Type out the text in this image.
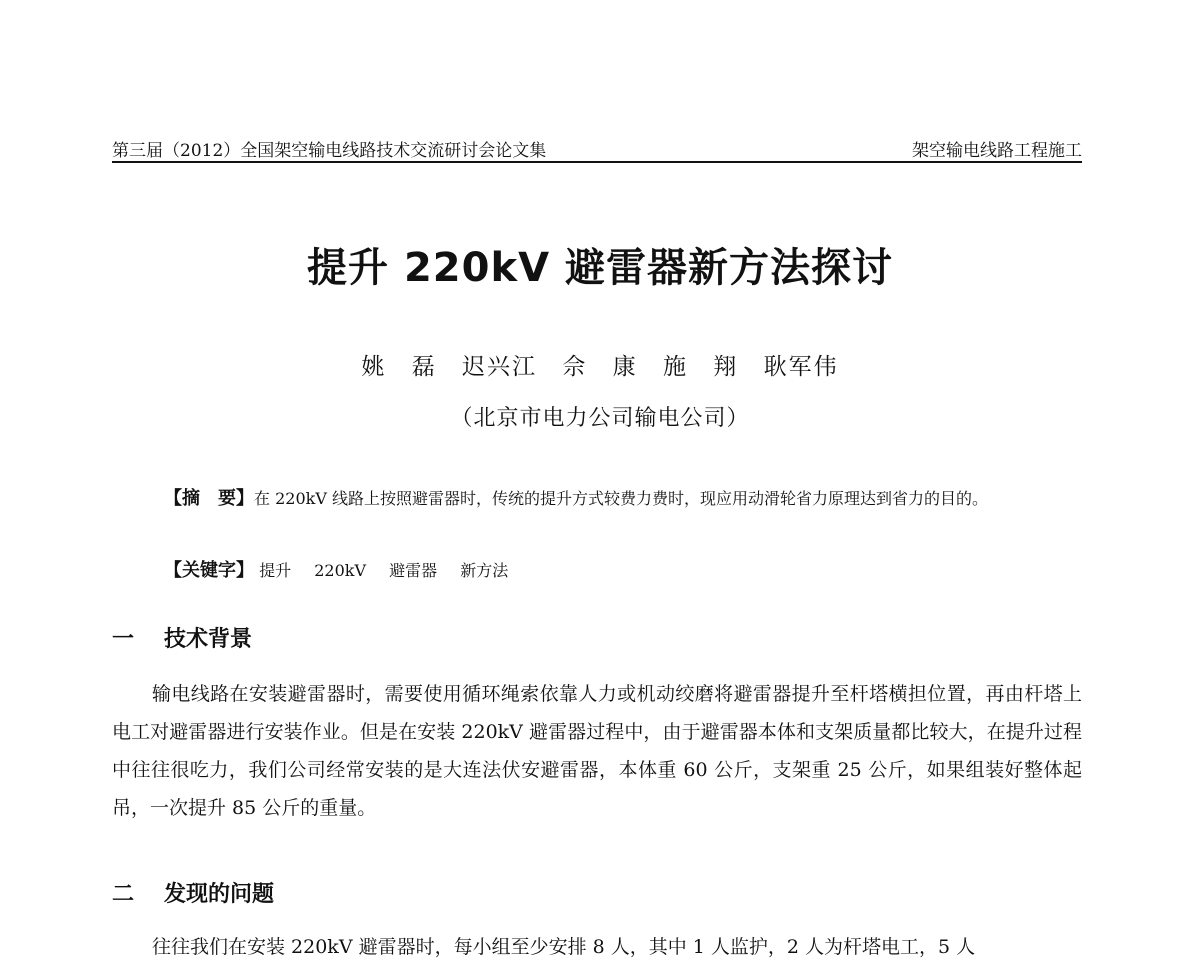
第三届（2012）全国架空输电线路技术交流研讨会论文集	架空输电线路工程施工
提升 220kV 避雷器新方法探讨
姚 磊 迟兴江 佘 康 施 翔 耿军伟
（北京市电力公司输电公司）

【摘　要】在 220kV 线路上按照避雷器时，传统的提升方式较费力费时，现应用动滑轮省力原理达到省力的目的。

【关键字】 提升 220kV 避雷器 新方法
一 技术背景

输电线路在安装避雷器时，需要使用循环绳索依靠人力或机动绞磨将避雷器提升至杆塔横担位置，再由杆塔上电工对避雷器进行安装作业。但是在安装 220kV 避雷器过程中，由于避雷器本体和支架质量都比较大，在提升过程中往往很吃力，我们公司经常安装的是大连法伏安避雷器，本体重 60 公斤，支架重 25 公斤，如果组装好整体起吊，一次提升 85 公斤的重量。

二 发现的问题

往往我们在安装 220kV 避雷器时，每小组至少安排 8 人，其中 1 人监护，2 人为杆塔电工，5 人
